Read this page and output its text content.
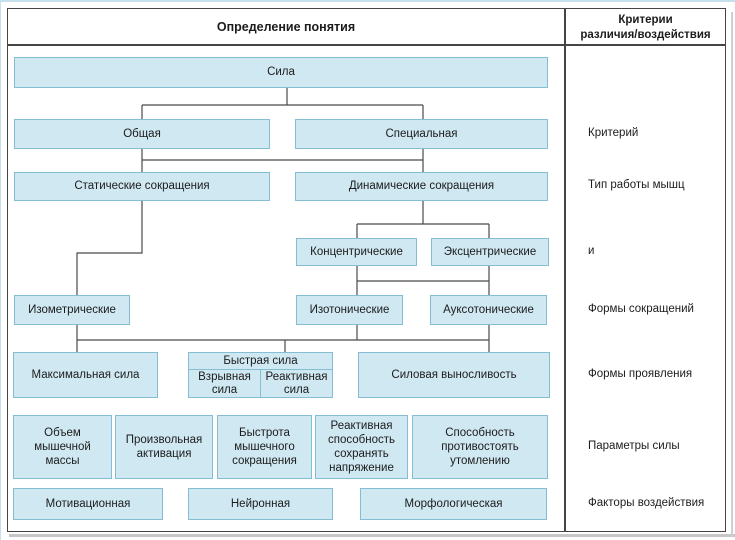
Определение понятия	Критерии
различия/воздействия
Сила
Общая	Специальная
Статические сокращения	Динамические сокращения
Концентрические	Эксцентрические
Изометрические	Изотонические	Ауксотонические
Максимальная сила
Быстрая сила
Взрывная сила
Реактивная сила
Силовая выносливость
Объем мышечной массы
Произвольная активация
Быстрота мышечного сокращения
Реактивная способность сохранять напряжение
Способность противостоять утомлению
Мотивационная	Нейронная	Морфологическая
Критерий
Тип работы мышц
и
Формы сокращений
Формы проявления
Параметры силы
Факторы воздействия
